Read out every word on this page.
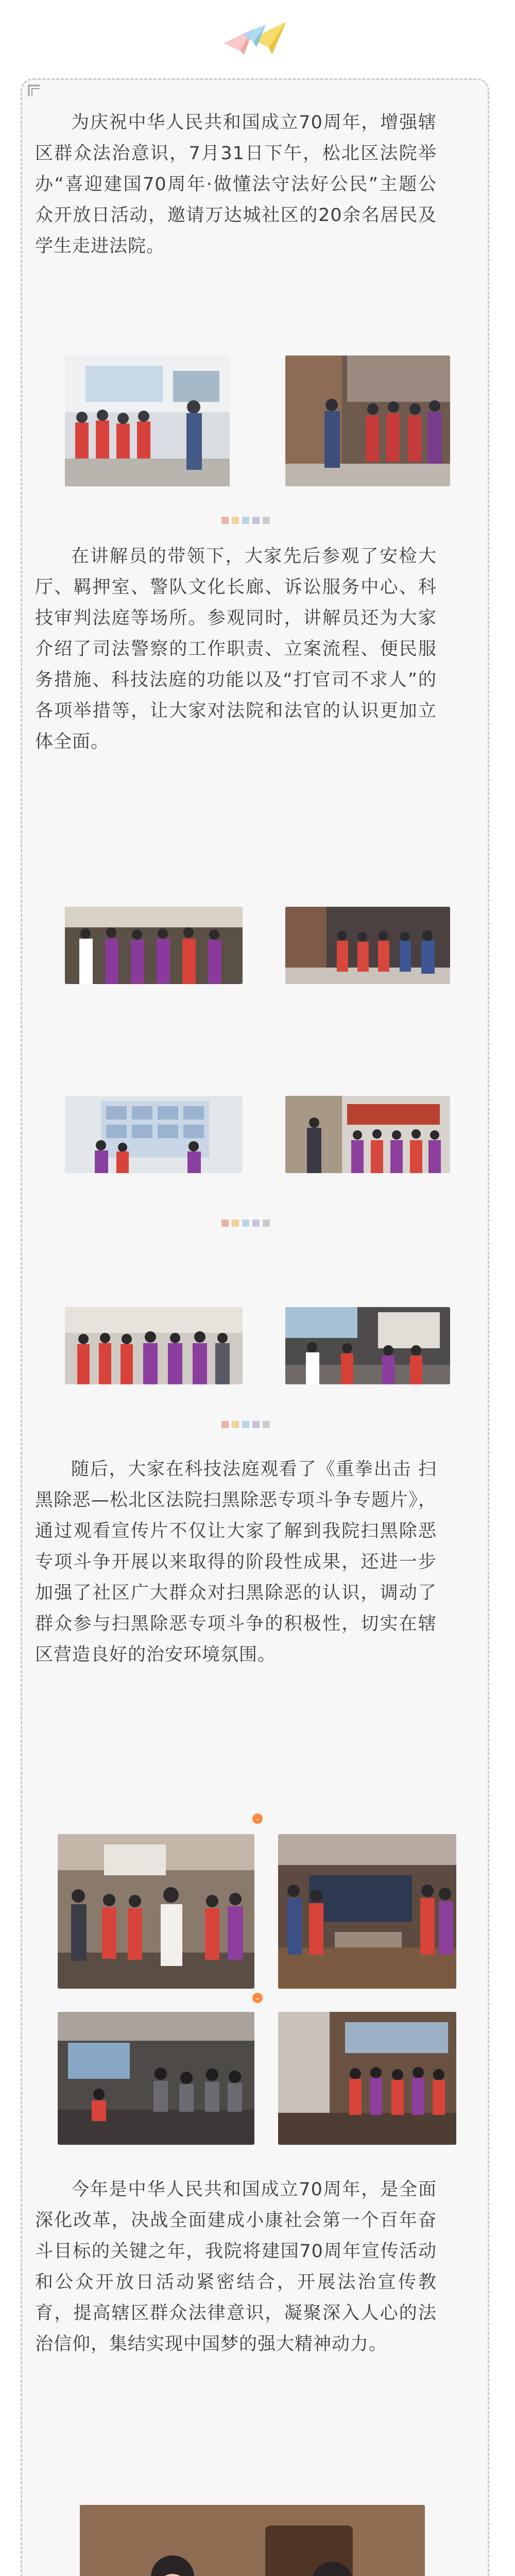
为庆祝中华人民共和国成立70周年，增强辖区群众法治意识，7月31日下午，松北区法院举办“喜迎建国70周年·做懂法守法好公民”主题公众开放日活动，邀请万达城社区的20余名居民及学生走进法院。

在讲解员的带领下，大家先后参观了安检大厅、羁押室、警队文化长廊、诉讼服务中心、科技审判法庭等场所。参观同时，讲解员还为大家介绍了司法警察的工作职责、立案流程、便民服务措施、科技法庭的功能以及“打官司不求人”的各项举措等，让大家对法院和法官的认识更加立体全面。

随后，大家在科技法庭观看了《重拳出击 扫黑除恶—松北区法院扫黑除恶专项斗争专题片》，通过观看宣传片不仅让大家了解到我院扫黑除恶专项斗争开展以来取得的阶段性成果，还进一步加强了社区广大群众对扫黑除恶的认识，调动了群众参与扫黑除恶专项斗争的积极性，切实在辖区营造良好的治安环境氛围。

⌄
⌄

今年是中华人民共和国成立70周年，是全面深化改革，决战全面建成小康社会第一个百年奋斗目标的关键之年，我院将建国70周年宣传活动和公众开放日活动紧密结合，开展法治宣传教育，提高辖区群众法律意识，凝聚深入人心的法治信仰，集结实现中国梦的强大精神动力。
